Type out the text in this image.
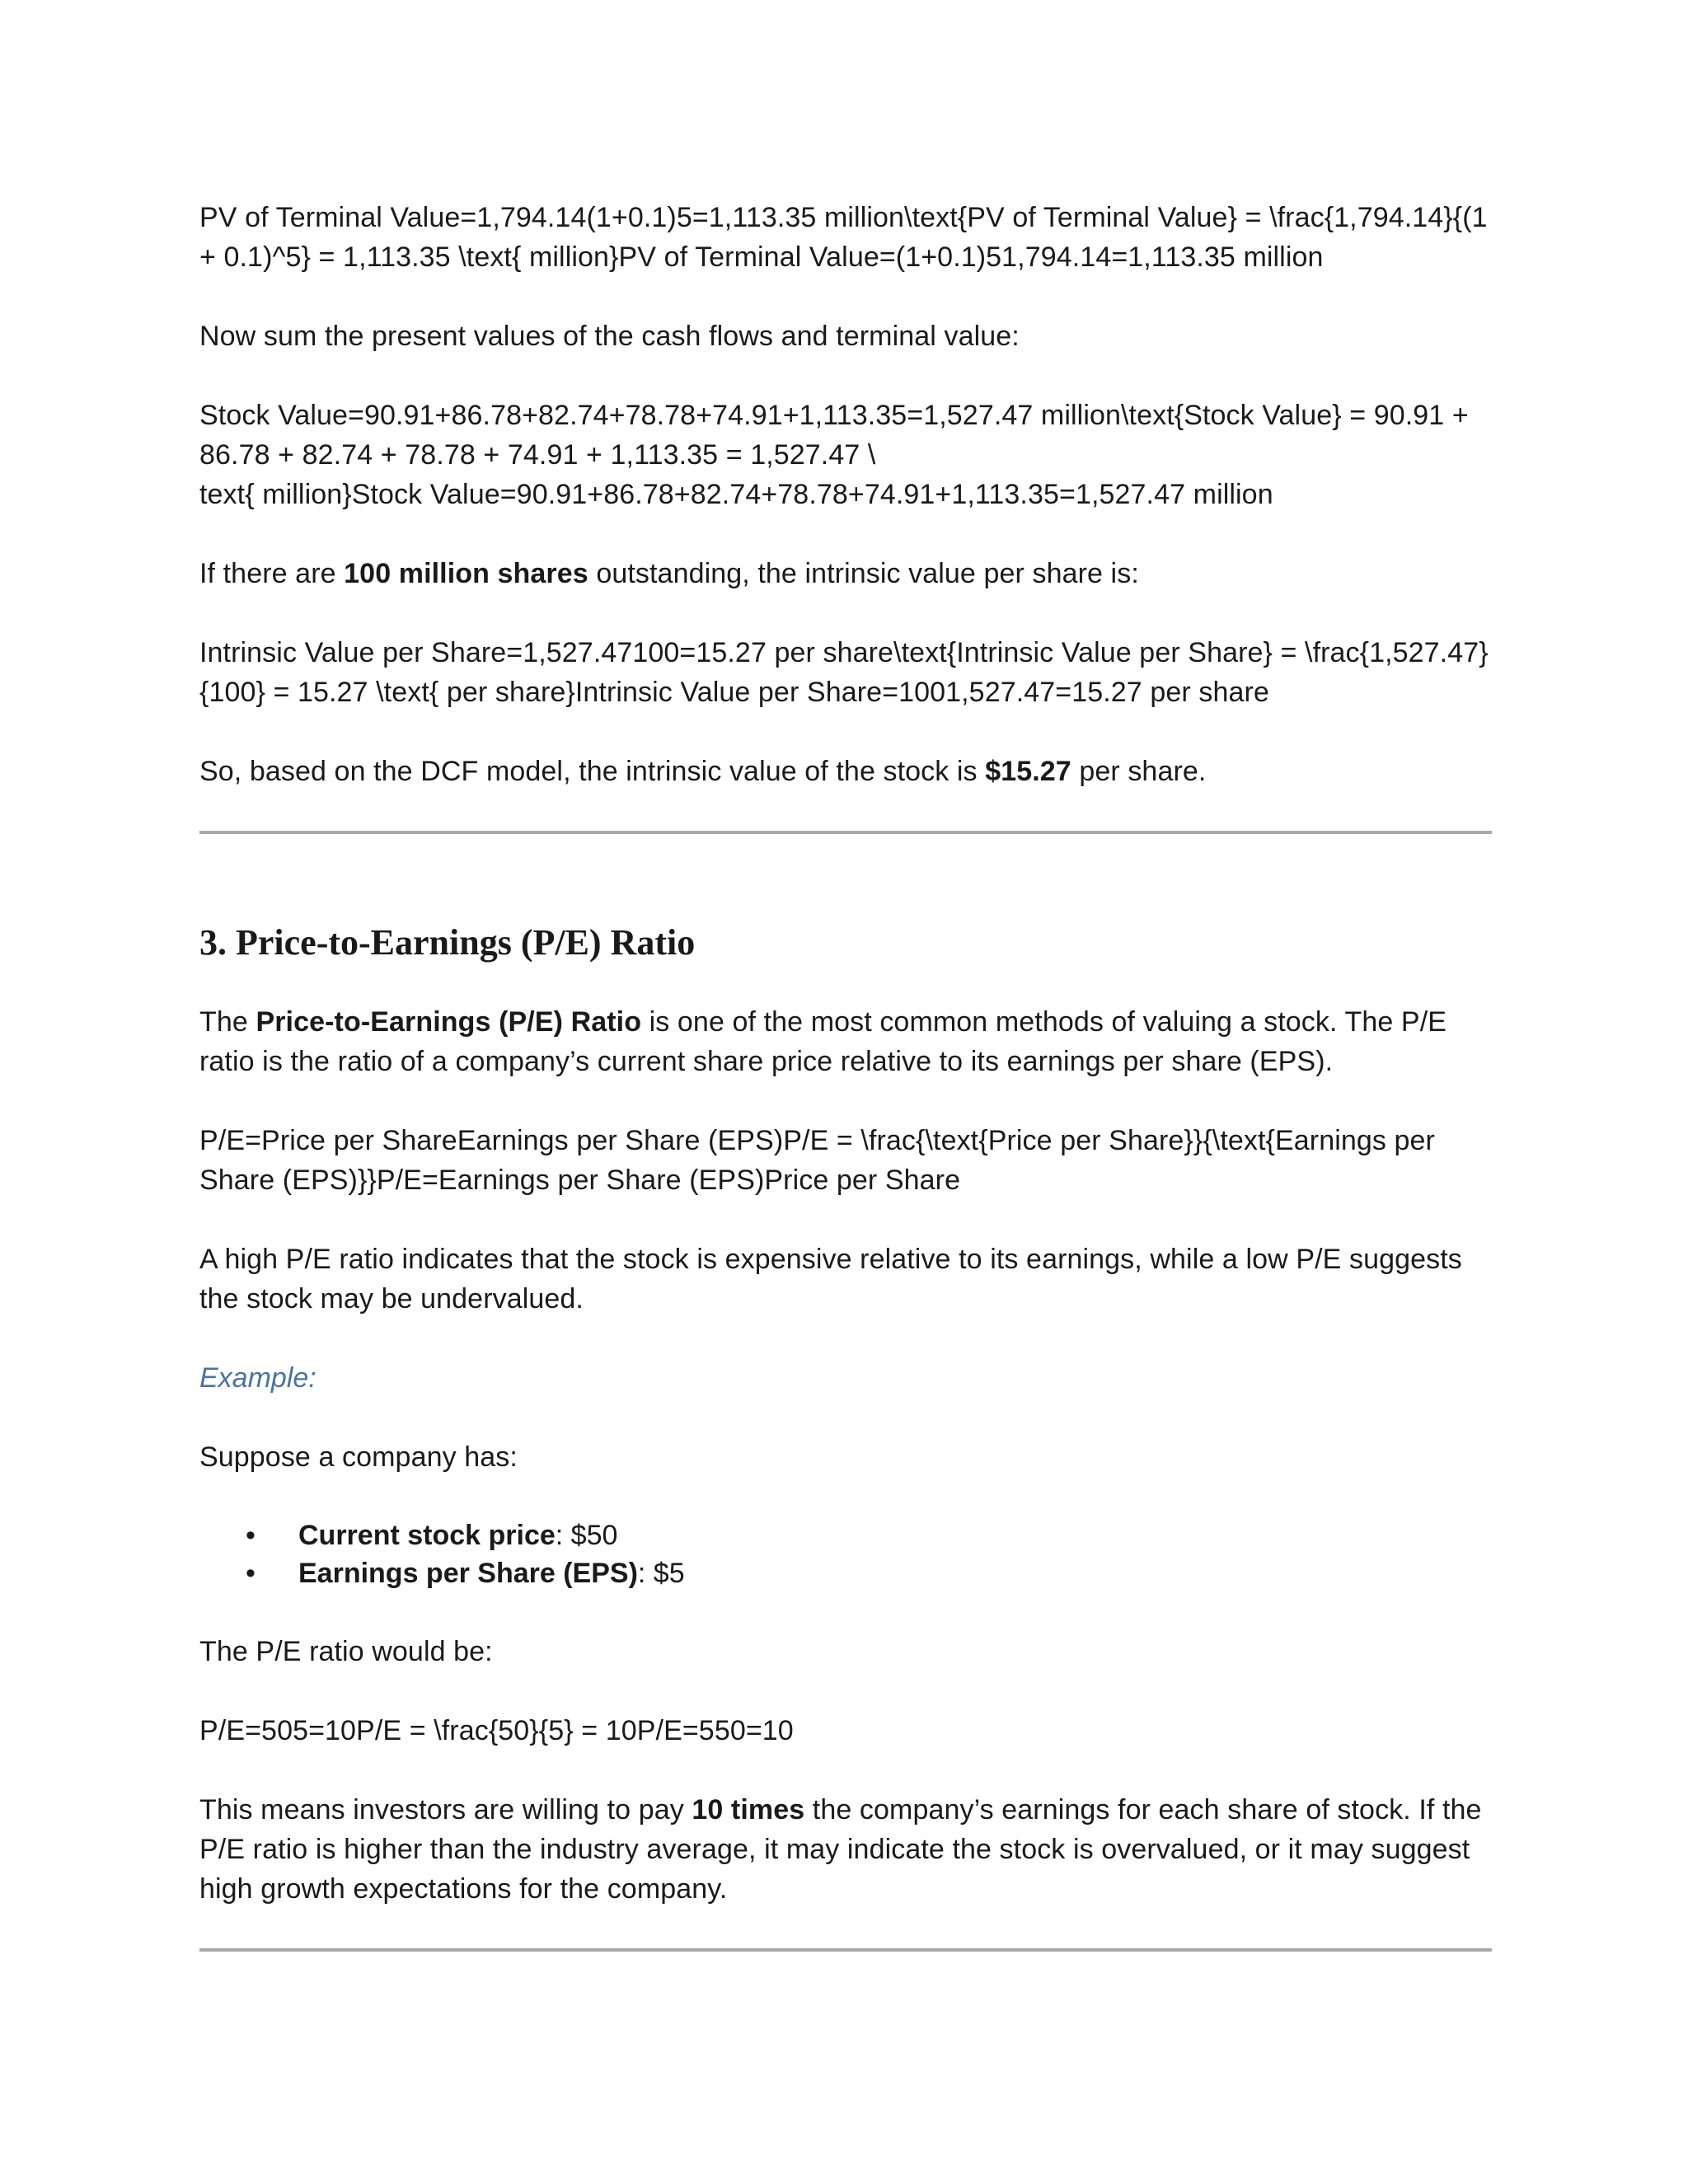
PV of Terminal Value=1,794.14(1+0.1)5=1,113.35 million\text{PV of Terminal Value} = \frac{1,794.14}{(1 + 0.1)^5} = 1,113.35 \text{ million}PV of Terminal Value=(1+0.1)51,794.14=1,113.35 million

Now sum the present values of the cash flows and terminal value:

Stock Value=90.91+86.78+82.74+78.78+74.91+1,113.35=1,527.47 million\text{Stock Value} = 90.91 + 86.78 + 82.74 + 78.78 + 74.91 + 1,113.35 = 1,527.47 \
text{ million}Stock Value=90.91+86.78+82.74+78.78+74.91+1,113.35=1,527.47 million

If there are 100 million shares outstanding, the intrinsic value per share is:

Intrinsic Value per Share=1,527.47100=15.27 per share\text{Intrinsic Value per Share} = \frac{1,527.47}{100} = 15.27 \text{ per share}Intrinsic Value per Share=1001,527.47=15.27 per share

So, based on the DCF model, the intrinsic value of the stock is $15.27 per share.

3. Price-to-Earnings (P/E) Ratio

The Price-to-Earnings (P/E) Ratio is one of the most common methods of valuing a stock. The P/E ratio is the ratio of a company’s current share price relative to its earnings per share (EPS).

P/E=Price per ShareEarnings per Share (EPS)P/E = \frac{\text{Price per Share}}{\text{Earnings per Share (EPS)}}P/E=Earnings per Share (EPS)Price per Share

A high P/E ratio indicates that the stock is expensive relative to its earnings, while a low P/E suggests the stock may be undervalued.

Example:

Suppose a company has:

• Current stock price: $50
• Earnings per Share (EPS): $5

The P/E ratio would be:

P/E=505=10P/E = \frac{50}{5} = 10P/E=550=10

This means investors are willing to pay 10 times the company’s earnings for each share of stock. If the P/E ratio is higher than the industry average, it may indicate the stock is overvalued, or it may suggest high growth expectations for the company.
